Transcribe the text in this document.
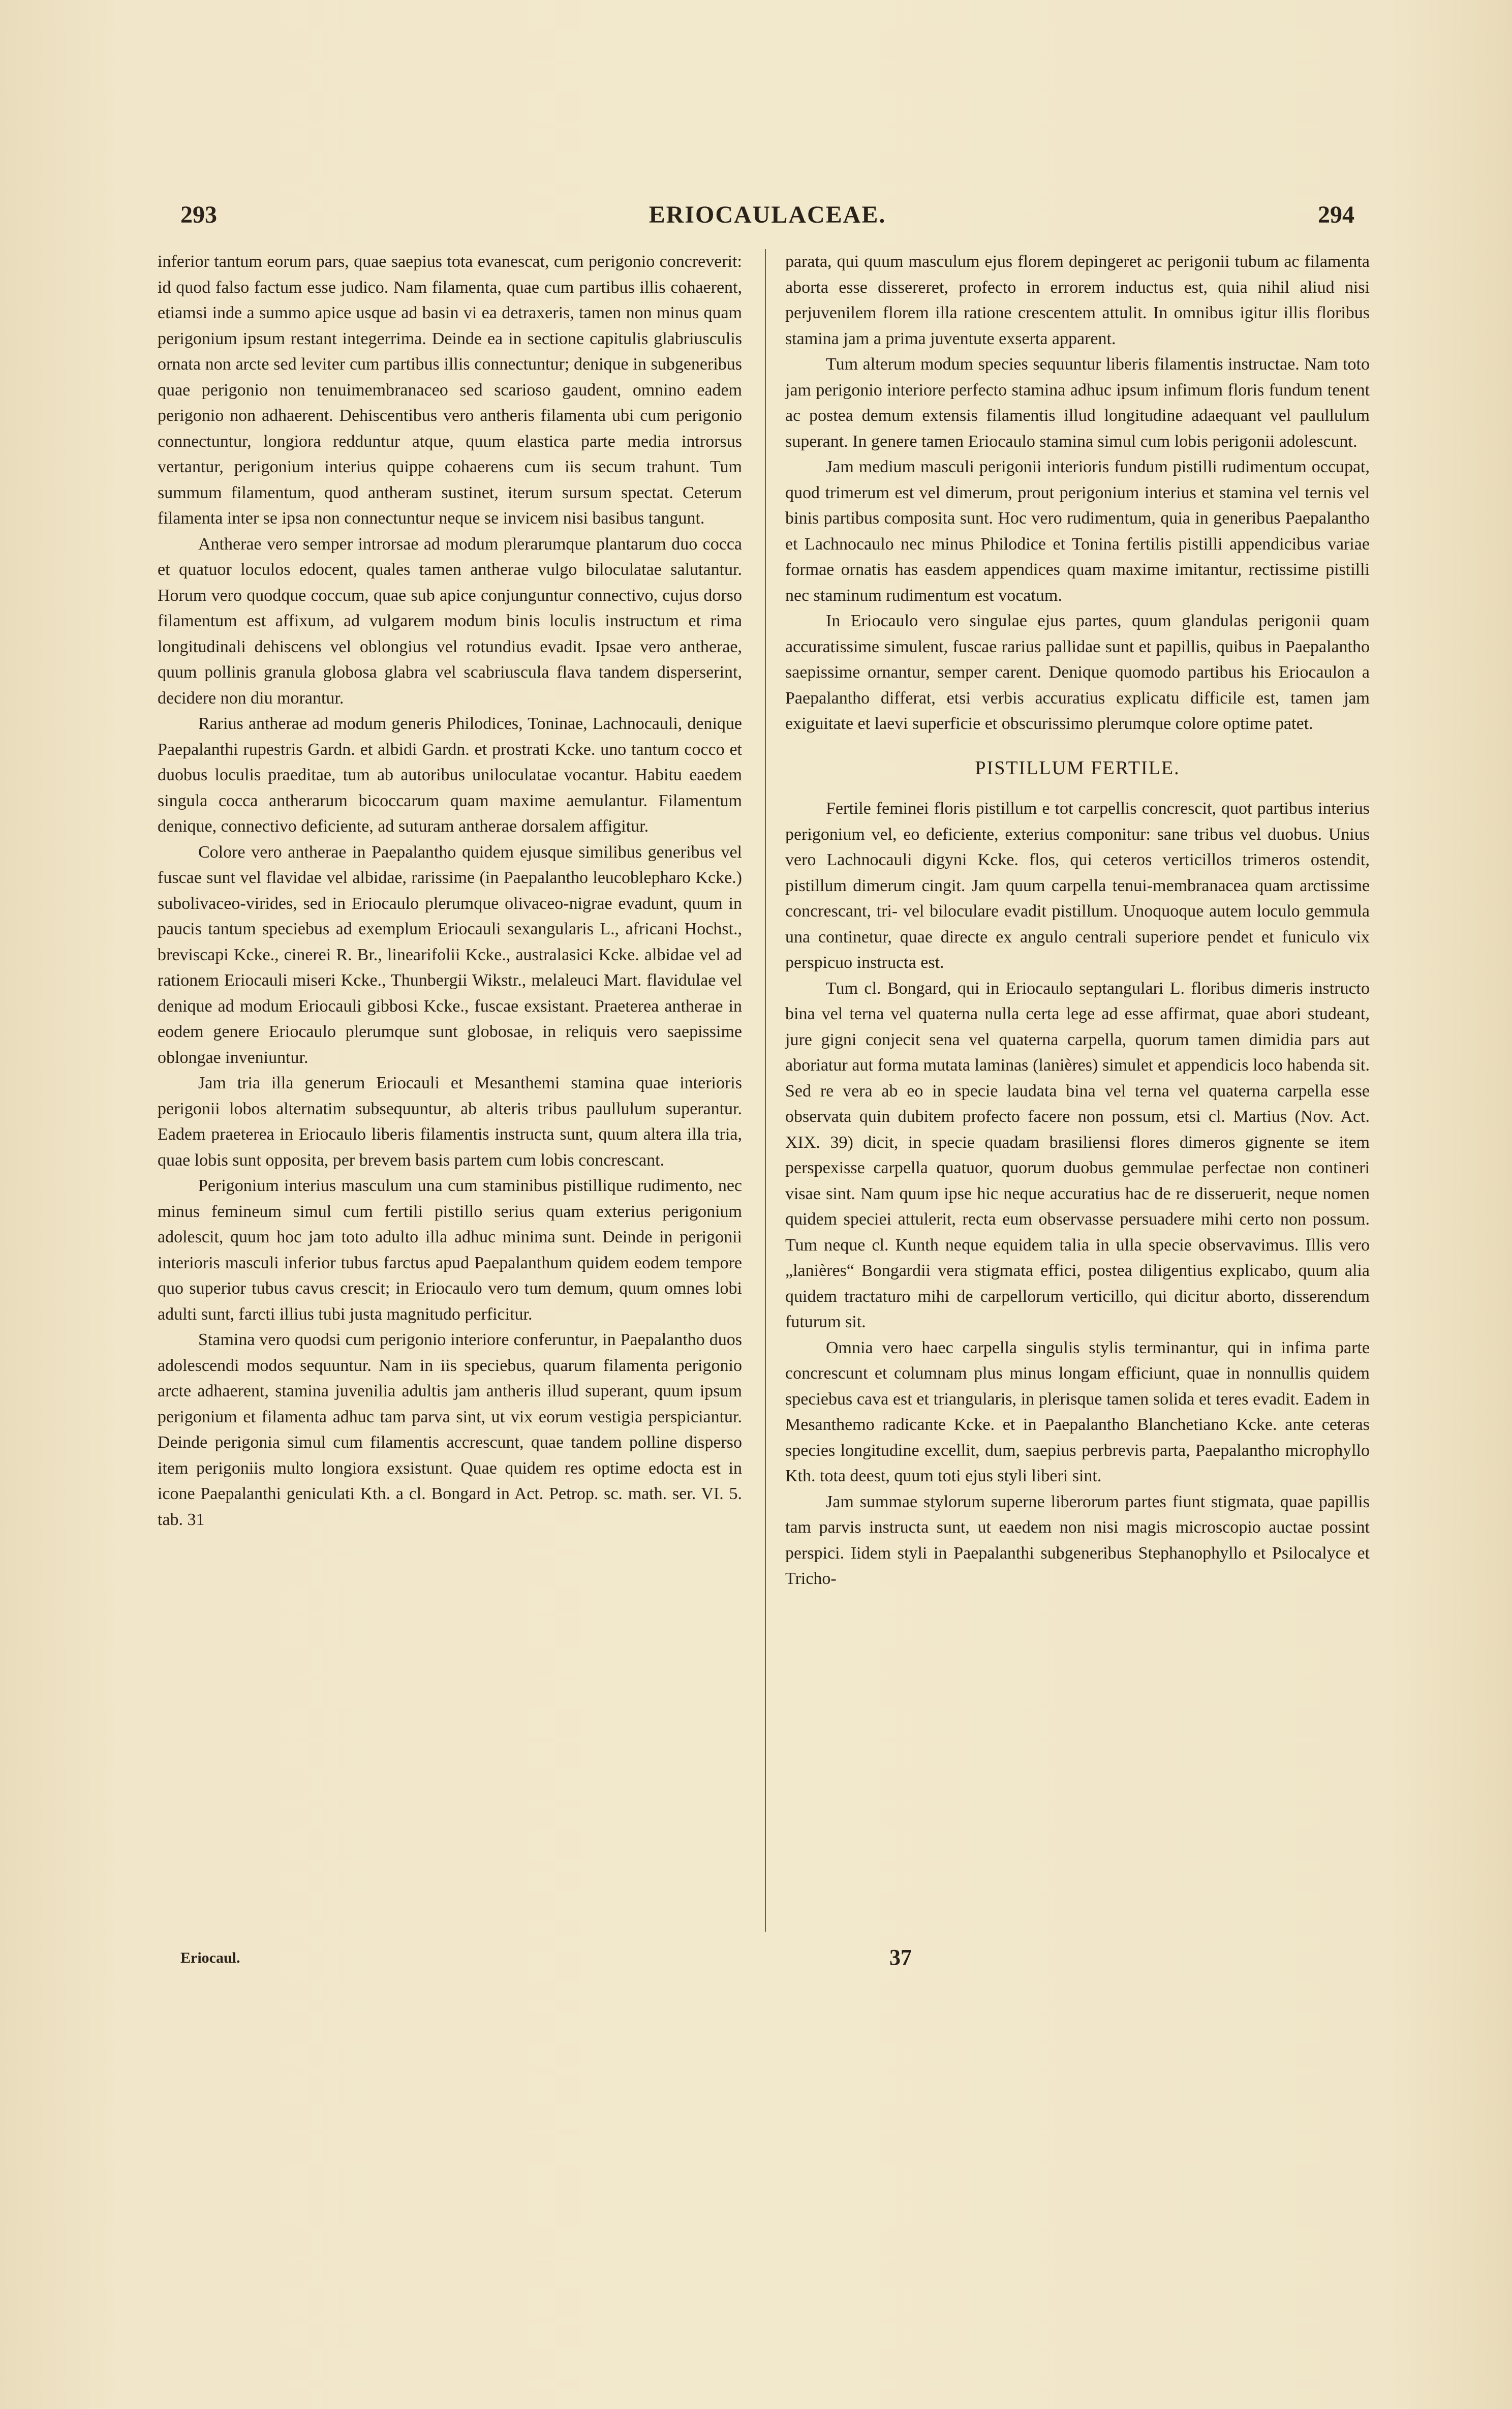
293	ERIOCAULACEAE.	294

inferior tantum eorum pars, quae saepius tota evanescat, cum perigonio concreverit: id quod falso factum esse judico. Nam filamenta, quae cum partibus illis cohaerent, etiamsi inde a summo apice usque ad basin vi ea detraxeris, tamen non minus quam perigonium ipsum restant integerrima. Deinde ea in sectione capitulis glabriusculis ornata non arcte sed leviter cum partibus illis connectuntur; denique in subgeneribus quae perigonio non tenuimembranaceo sed scarioso gaudent, omnino eadem perigonio non adhaerent. Dehiscentibus vero antheris filamenta ubi cum perigonio connectuntur, longiora redduntur atque, quum elastica parte media introrsus vertantur, perigonium interius quippe cohaerens cum iis secum trahunt. Tum summum filamentum, quod antheram sustinet, iterum sursum spectat. Ceterum filamenta inter se ipsa non connectuntur neque se invicem nisi basibus tangunt.

Antherae vero semper introrsae ad modum plerarumque plantarum duo cocca et quatuor loculos edocent, quales tamen antherae vulgo biloculatae salutantur. Horum vero quodque coccum, quae sub apice conjunguntur connectivo, cujus dorso filamentum est affixum, ad vulgarem modum binis loculis instructum et rima longitudinali dehiscens vel oblongius vel rotundius evadit. Ipsae vero antherae, quum pollinis granula globosa glabra vel scabriuscula flava tandem disperserint, decidere non diu morantur.

Rarius antherae ad modum generis Philodices, Toninae, Lachnocauli, denique Paepalanthi rupestris Gardn. et albidi Gardn. et prostrati Kcke. uno tantum cocco et duobus loculis praeditae, tum ab autoribus uniloculatae vocantur. Habitu eaedem singula cocca antherarum bicoccarum quam maxime aemulantur. Filamentum denique, connectivo deficiente, ad suturam antherae dorsalem affigitur.

Colore vero antherae in Paepalantho quidem ejusque similibus generibus vel fuscae sunt vel flavidae vel albidae, rarissime (in Paepalantho leucoblepharo Kcke.) subolivaceo-virides, sed in Eriocaulo plerumque olivaceo-nigrae evadunt, quum in paucis tantum speciebus ad exemplum Eriocauli sexangularis L., africani Hochst., breviscapi Kcke., cinerei R. Br., linearifolii Kcke., australasici Kcke. albidae vel ad rationem Eriocauli miseri Kcke., Thunbergii Wikstr., melaleuci Mart. flavidulae vel denique ad modum Eriocauli gibbosi Kcke., fuscae exsistant. Praeterea antherae in eodem genere Eriocaulo plerumque sunt globosae, in reliquis vero saepissime oblongae inveniuntur.

Jam tria illa generum Eriocauli et Mesanthemi stamina quae interioris perigonii lobos alternatim subsequuntur, ab alteris tribus paullulum superantur. Eadem praeterea in Eriocaulo liberis filamentis instructa sunt, quum altera illa tria, quae lobis sunt opposita, per brevem basis partem cum lobis concrescant.

Perigonium interius masculum una cum staminibus pistillique rudimento, nec minus femineum simul cum fertili pistillo serius quam exterius perigonium adolescit, quum hoc jam toto adulto illa adhuc minima sunt. Deinde in perigonii interioris masculi inferior tubus farctus apud Paepalanthum quidem eodem tempore quo superior tubus cavus crescit; in Eriocaulo vero tum demum, quum omnes lobi adulti sunt, farcti illius tubi justa magnitudo perficitur.

Stamina vero quodsi cum perigonio interiore conferuntur, in Paepalantho duos adolescendi modos sequuntur. Nam in iis speciebus, quarum filamenta perigonio arcte adhaerent, stamina juvenilia adultis jam antheris illud superant, quum ipsum perigonium et filamenta adhuc tam parva sint, ut vix eorum vestigia perspiciantur. Deinde perigonia simul cum filamentis accrescunt, quae tandem polline disperso item perigoniis multo longiora exsistunt. Quae quidem res optime edocta est in icone Paepalanthi geniculati Kth. a cl. Bongard in Act. Petrop. sc. math. ser. VI. 5. tab. 31

parata, qui quum masculum ejus florem depingeret ac perigonii tubum ac filamenta aborta esse dissereret, profecto in errorem inductus est, quia nihil aliud nisi perjuvenilem florem illa ratione crescentem attulit. In omnibus igitur illis floribus stamina jam a prima juventute exserta apparent.

Tum alterum modum species sequuntur liberis filamentis instructae. Nam toto jam perigonio interiore perfecto stamina adhuc ipsum infimum floris fundum tenent ac postea demum extensis filamentis illud longitudine adaequant vel paullulum superant. In genere tamen Eriocaulo stamina simul cum lobis perigonii adolescunt.

Jam medium masculi perigonii interioris fundum pistilli rudimentum occupat, quod trimerum est vel dimerum, prout perigonium interius et stamina vel ternis vel binis partibus composita sunt. Hoc vero rudimentum, quia in generibus Paepalantho et Lachnocaulo nec minus Philodice et Tonina fertilis pistilli appendicibus variae formae ornatis has easdem appendices quam maxime imitantur, rectissime pistilli nec staminum rudimentum est vocatum.

In Eriocaulo vero singulae ejus partes, quum glandulas perigonii quam accuratissime simulent, fuscae rarius pallidae sunt et papillis, quibus in Paepalantho saepissime ornantur, semper carent. Denique quomodo partibus his Eriocaulon a Paepalantho differat, etsi verbis accuratius explicatu difficile est, tamen jam exiguitate et laevi superficie et obscurissimo plerumque colore optime patet.

PISTILLUM FERTILE.

Fertile feminei floris pistillum e tot carpellis concrescit, quot partibus interius perigonium vel, eo deficiente, exterius componitur: sane tribus vel duobus. Unius vero Lachnocauli digyni Kcke. flos, qui ceteros verticillos trimeros ostendit, pistillum dimerum cingit. Jam quum carpella tenui-membranacea quam arctissime concrescant, tri- vel biloculare evadit pistillum. Unoquoque autem loculo gemmula una continetur, quae directe ex angulo centrali superiore pendet et funiculo vix perspicuo instructa est.

Tum cl. Bongard, qui in Eriocaulo septangulari L. floribus dimeris instructo bina vel terna vel quaterna nulla certa lege ad esse affirmat, quae abori studeant, jure gigni conjecit sena vel quaterna carpella, quorum tamen dimidia pars aut aboriatur aut forma mutata laminas (lanières) simulet et appendicis loco habenda sit. Sed re vera ab eo in specie laudata bina vel terna vel quaterna carpella esse observata quin dubitem profecto facere non possum, etsi cl. Martius (Nov. Act. XIX. 39) dicit, in specie quadam brasiliensi flores dimeros gignente se item perspexisse carpella quatuor, quorum duobus gemmulae perfectae non contineri visae sint. Nam quum ipse hic neque accuratius hac de re disseruerit, neque nomen quidem speciei attulerit, recta eum observasse persuadere mihi certo non possum. Tum neque cl. Kunth neque equidem talia in ulla specie observavimus. Illis vero „lanières“ Bongardii vera stigmata effici, postea diligentius explicabo, quum alia quidem tractaturo mihi de carpellorum verticillo, qui dicitur aborto, disserendum futurum sit.

Omnia vero haec carpella singulis stylis terminantur, qui in infima parte concrescunt et columnam plus minus longam efficiunt, quae in nonnullis quidem speciebus cava est et triangularis, in plerisque tamen solida et teres evadit. Eadem in Mesanthemo radicante Kcke. et in Paepalantho Blanchetiano Kcke. ante ceteras species longitudine excellit, dum, saepius perbrevis parta, Paepalantho microphyllo Kth. tota deest, quum toti ejus styli liberi sint.

Jam summae stylorum superne liberorum partes fiunt stigmata, quae papillis tam parvis instructa sunt, ut eaedem non nisi magis microscopio auctae possint perspici. Iidem styli in Paepalanthi subgeneribus Stephanophyllo et Psilocalyce et Tricho-

Eriocaul.	37
